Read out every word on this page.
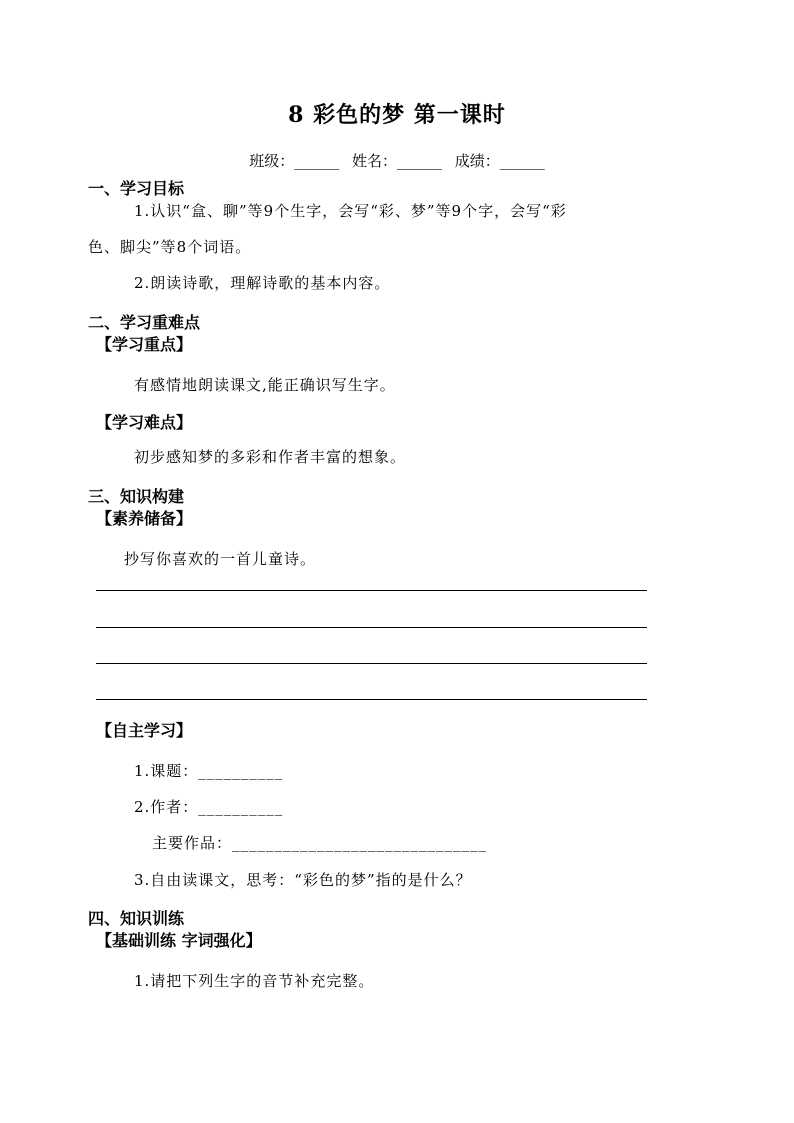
8 彩色的梦 第一课时
班级：______ 姓名：______ 成绩：______
一、学习目标
1.认识“盒、聊”等9个生字，会写“彩、梦”等9个字，会写“彩
色、脚尖”等8个词语。
2.朗读诗歌，理解诗歌的基本内容。
二、学习重难点
【学习重点】
有感情地朗读课文,能正确识写生字。
【学习难点】
初步感知梦的多彩和作者丰富的想象。
三、知识构建
【素养储备】
抄写你喜欢的一首儿童诗。
【自主学习】
1.课题：__________
2.作者：__________
主要作品：______________________________
3.自由读课文，思考：“彩色的梦”指的是什么？
四、知识训练
【基础训练 字词强化】
1.请把下列生字的音节补充完整。
